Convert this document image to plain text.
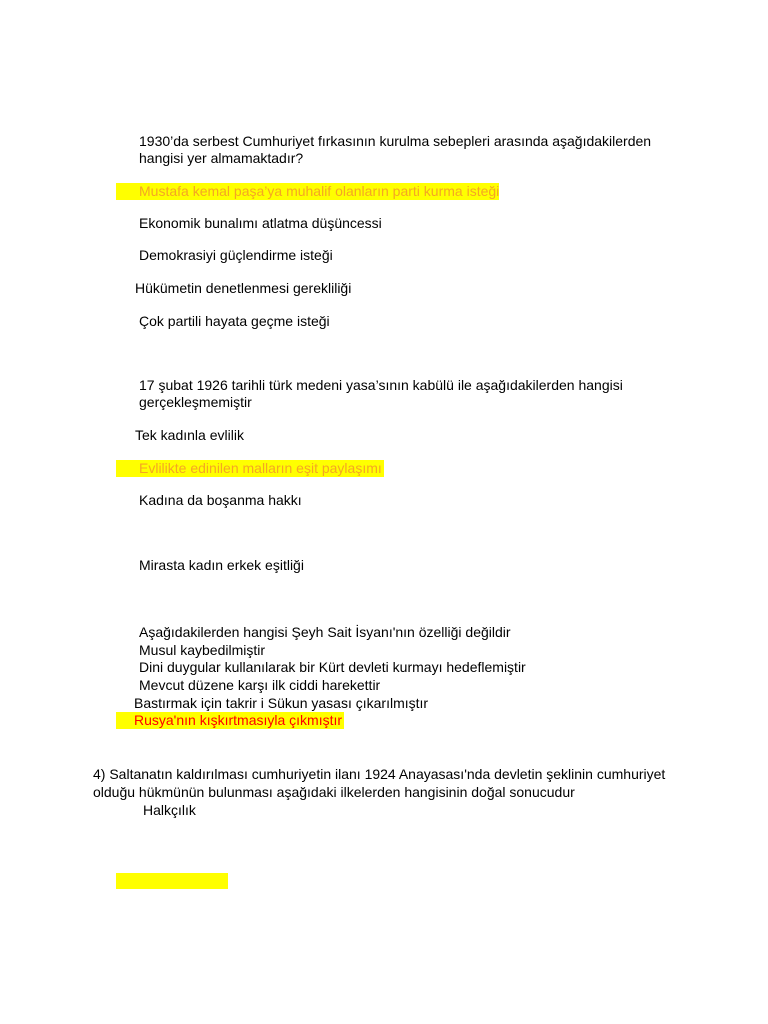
1930’da serbest Cumhuriyet fırkasının kurulma sebepleri arasında aşağıdakilerden

hangisi yer almamaktadır?

Mustafa kemal paşa’ya muhalif olanların parti kurma isteği

Ekonomik bunalımı atlatma düşüncessi

Demokrasiyi güçlendirme isteği

Hükümetin denetlenmesi gerekliliği

Çok partili hayata geçme isteği

17 şubat 1926 tarihli türk medeni yasa’sının kabülü ile aşağıdakilerden hangisi

gerçekleşmemiştir

Tek kadınla evlilik

Evlilikte edinilen malların eşit paylaşımı

Kadına da boşanma hakkı

Mirasta kadın erkek eşitliği

Aşağıdakilerden hangisi Şeyh Sait İsyanı'nın özelliği değildir

Musul kaybedilmiştir

Dini duygular kullanılarak bir Kürt devleti kurmayı hedeflemiştir

Mevcut düzene karşı ilk ciddi harekettir

Bastırmak için takrir i Sükun yasası çıkarılmıştır

Rusya'nın kışkırtmasıyla çıkmıştır

4) Saltanatın kaldırılması cumhuriyetin ilanı 1924 Anayasası'nda devletin şeklinin cumhuriyet

olduğu hükmünün bulunması aşağıdaki ilkelerden hangisinin doğal sonucudur

Halkçılık
